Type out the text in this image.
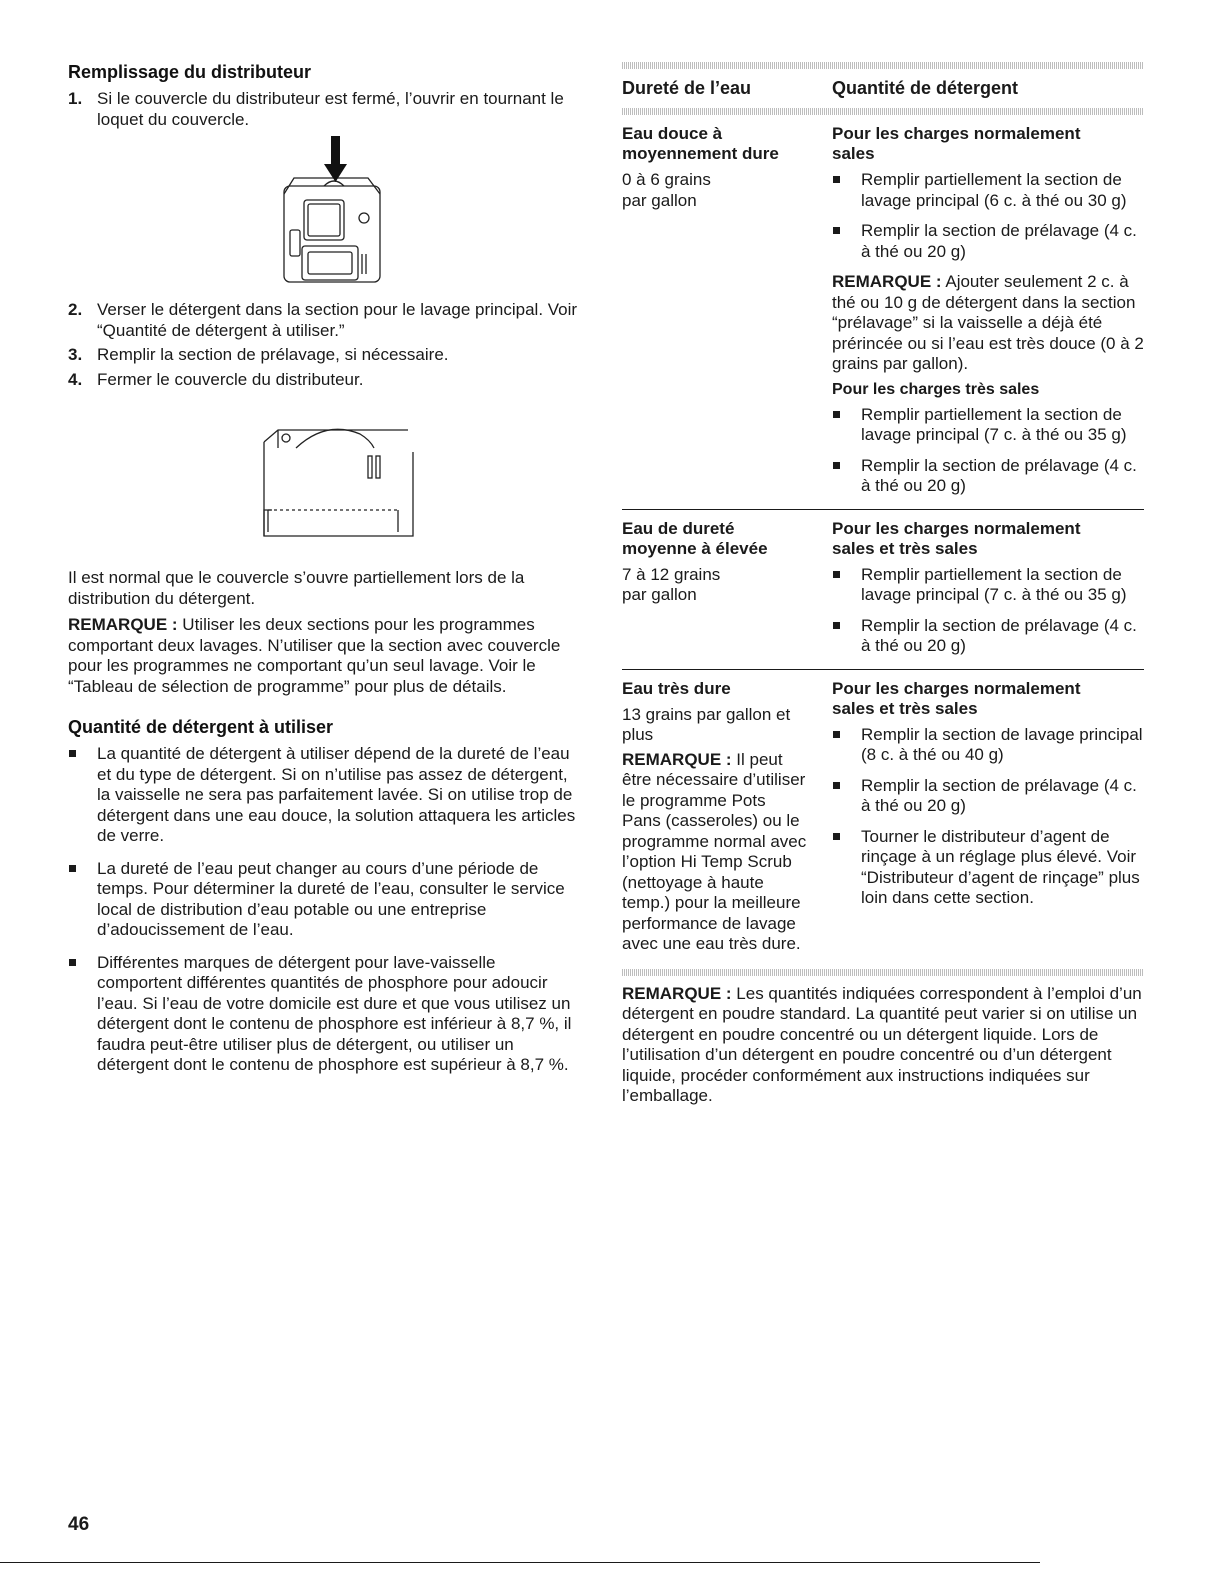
Remplissage du distributeur
1. Si le couvercle du distributeur est fermé, l’ouvrir en tournant le loquet du couvercle.
2. Verser le détergent dans la section pour le lavage principal. Voir “Quantité de détergent à utiliser.”
3. Remplir la section de prélavage, si nécessaire.
4. Fermer le couvercle du distributeur.

Il est normal que le couvercle s’ouvre partiellement lors de la distribution du détergent.

REMARQUE : Utiliser les deux sections pour les programmes comportant deux lavages. N’utiliser que la section avec couvercle pour les programmes ne comportant qu’un seul lavage. Voir le “Tableau de sélection de programme” pour plus de détails.

Quantité de détergent à utiliser
La quantité de détergent à utiliser dépend de la dureté de l’eau et du type de détergent. Si on n’utilise pas assez de détergent, la vaisselle ne sera pas parfaitement lavée. Si on utilise trop de détergent dans une eau douce, la solution attaquera les articles de verre.
La dureté de l’eau peut changer au cours d’une période de temps. Pour déterminer la dureté de l’eau, consulter le service local de distribution d’eau potable ou une entreprise d’adoucissement de l’eau.
Différentes marques de détergent pour lave-vaisselle comportent différentes quantités de phosphore pour adoucir l’eau. Si l’eau de votre domicile est dure et que vous utilisez un détergent dont le contenu de phosphore est inférieur à 8,7 %, il faudra peut-être utiliser plus de détergent, ou utiliser un détergent dont le contenu de phosphore est supérieur à 8,7 %.
Dureté de l’eau	Quantité de détergent
Eau douce à moyennement dure

0 à 6 grains par gallon

Pour les charges normalement sales
Remplir partiellement la section de lavage principal (6 c. à thé ou 30 g)
Remplir la section de prélavage (4 c. à thé ou 20 g)

REMARQUE : Ajouter seulement 2 c. à thé ou 10 g de détergent dans la section “prélavage” si la vaisselle a déjà été prérincée ou si l’eau est très douce (0 à 2 grains par gallon).

Pour les charges très sales
Remplir partiellement la section de lavage principal (7 c. à thé ou 35 g)
Remplir la section de prélavage (4 c. à thé ou 20 g)
Eau de dureté moyenne à élevée

7 à 12 grains par gallon

Pour les charges normalement sales et très sales
Remplir partiellement la section de lavage principal (7 c. à thé ou 35 g)
Remplir la section de prélavage (4 c. à thé ou 20 g)
Eau très dure

13 grains par gallon et plus

REMARQUE : Il peut être nécessaire d’utiliser le programme Pots Pans (casseroles) ou le programme normal avec l’option Hi Temp Scrub (nettoyage à haute temp.) pour la meilleure performance de lavage avec une eau très dure.

Pour les charges normalement sales et très sales
Remplir la section de lavage principal (8 c. à thé ou 40 g)
Remplir la section de prélavage (4 c. à thé ou 20 g)
Tourner le distributeur d’agent de rinçage à un réglage plus élevé. Voir “Distributeur d’agent de rinçage” plus loin dans cette section.

REMARQUE : Les quantités indiquées correspondent à l’emploi d’un détergent en poudre standard. La quantité peut varier si on utilise un détergent en poudre concentré ou un détergent liquide. Lors de l’utilisation d’un détergent en poudre concentré ou d’un détergent liquide, procéder conformément aux instructions indiquées sur l’emballage.

46
